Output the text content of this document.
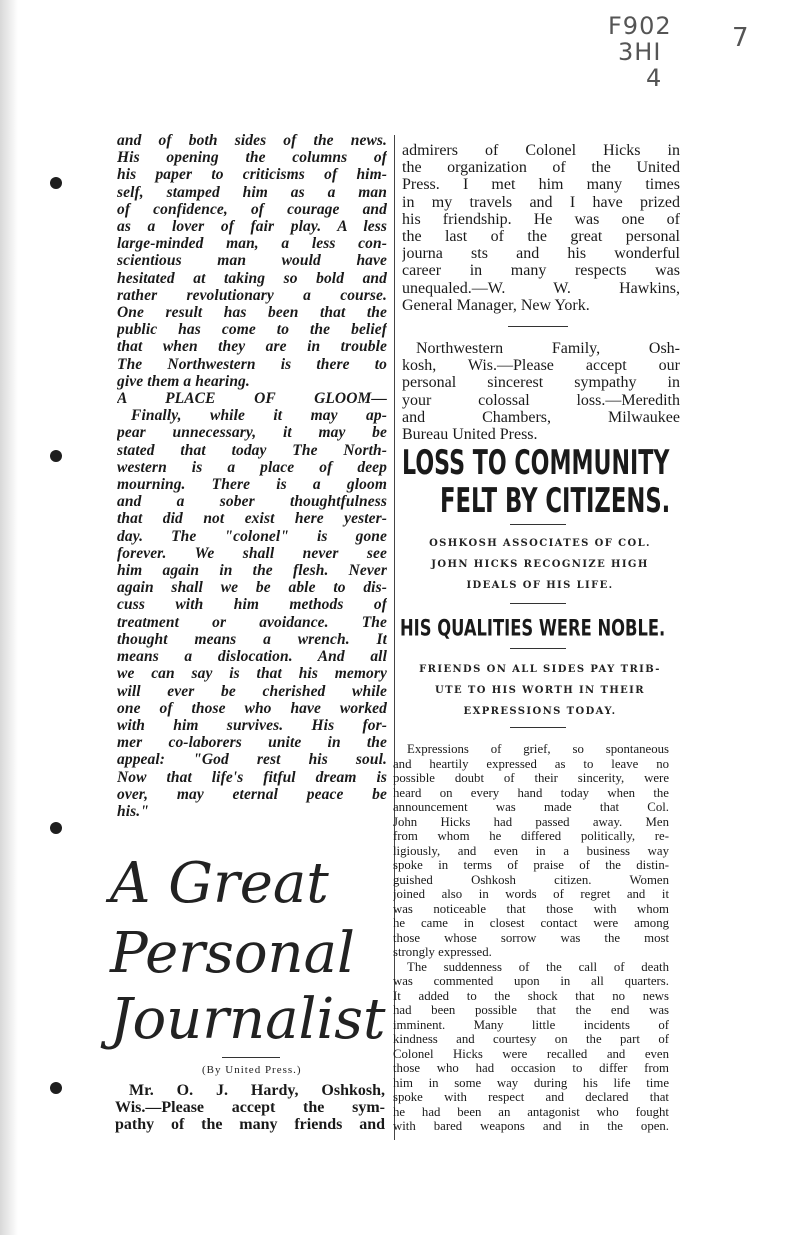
F902
3HI
4
7
and of both sides of the news.
His opening the columns of
his paper to criticisms of him-
self, stamped him as a man
of confidence, of courage and
as a lover of fair play. A less
large-minded man, a less con-
scientious man would have
hesitated at taking so bold and
rather revolutionary a course.
One result has been that the
public has come to the belief
that when they are in trouble
The Northwestern is there to
give them a hearing.
A PLACE OF GLOOM—
Finally, while it may ap-
pear unnecessary, it may be
stated that today The North-
western is a place of deep
mourning. There is a gloom
and a sober thoughtfulness
that did not exist here yester-
day. The "colonel" is gone
forever. We shall never see
him again in the flesh. Never
again shall we be able to dis-
cuss with him methods of
treatment or avoidance. The
thought means a wrench. It
means a dislocation. And all
we can say is that his memory
will ever be cherished while
one of those who have worked
with him survives. His for-
mer co-laborers unite in the
appeal: "God rest his soul.
Now that life's fitful dream is
over, may eternal peace be
his."
A Great
Personal
Journalist
(By United Press.)
Mr. O. J. Hardy, Oshkosh,
Wis.—Please accept the sym-
pathy of the many friends and
admirers of Colonel Hicks in
the organization of the United
Press. I met him many times
in my travels and I have prized
his friendship. He was one of
the last of the great personal
journa sts and his wonderful
career in many respects was
unequaled.—W. W. Hawkins,
General Manager, New York.
Northwestern Family, Osh-
kosh, Wis.—Please accept our
personal sincerest sympathy in
your colossal loss.—Meredith
and Chambers, Milwaukee
Bureau United Press.
LOSS TO COMMUNITY
FELT BY CITIZENS.
OSHKOSH ASSOCIATES OF COL.
JOHN HICKS RECOGNIZE HIGH
IDEALS OF HIS LIFE.
HIS QUALITIES WERE NOBLE.
FRIENDS ON ALL SIDES PAY TRIB-
UTE TO HIS WORTH IN THEIR
EXPRESSIONS TODAY.
Expressions of grief, so spontaneous
and heartily expressed as to leave no
possible doubt of their sincerity, were
heard on every hand today when the
announcement was made that Col.
John Hicks had passed away. Men
from whom he differed politically, re-
ligiously, and even in a business way
spoke in terms of praise of the distin-
guished Oshkosh citizen. Women
joined also in words of regret and it
was noticeable that those with whom
he came in closest contact were among
those whose sorrow was the most
strongly expressed.
The suddenness of the call of death
was commented upon in all quarters.
It added to the shock that no news
had been possible that the end was
imminent. Many little incidents of
kindness and courtesy on the part of
Colonel Hicks were recalled and even
those who had occasion to differ from
him in some way during his life time
spoke with respect and declared that
he had been an antagonist who fought
with bared weapons and in the open.
